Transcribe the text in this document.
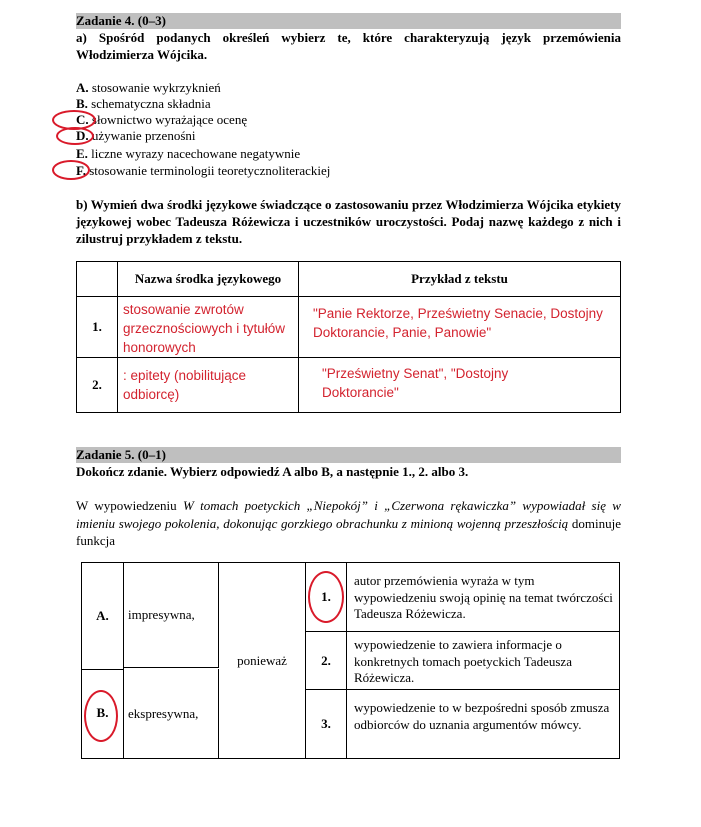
Zadanie 4. (0–3)
a) Spośród podanych określeń wybierz te, które charakteryzują język przemówienia Włodzimierza Wójcika.
A. stosowanie wykrzyknień
B. schematyczna składnia
C. słownictwo wyrażające ocenę
D. używanie przenośni
E. liczne wyrazy nacechowane negatywnie
F. stosowanie terminologii teoretycznoliterackiej
b) Wymień dwa środki językowe świadczące o zastosowaniu przez Włodzimierza Wójcika etykiety językowej wobec Tadeusza Różewicza i uczestników uroczystości. Podaj nazwę każdego z nich i zilustruj przykładem z tekstu.
	Nazwa środka językowego	Przykład z tekstu
1.	stosowanie zwrotów grzecznościowych i tytułów honorowych	"Panie Rektorze, Prześwietny Senacie, Dostojny Doktorancie, Panie, Panowie"

2.	: epitety (nobilitujące odbiorcę)	"Prześwietny Senat", "Dostojny Doktorancie"
Zadanie 5. (0–1)
Dokończ zdanie. Wybierz odpowiedź A albo B, a następnie 1., 2. albo 3.
W wypowiedzeniu W tomach poetyckich „Niepokój” i „Czerwona rękawiczka” wypowiadał się w imieniu swojego pokolenia, dokonując gorzkiego obrachunku z minioną wojenną przeszłością dominuje funkcja
A.
B.
impresywna,
ekspresywna,
ponieważ
1.
2.
3.
autor przemówienia wyraża w tym wypowiedzeniu swoją opinię na temat twórczości Tadeusza Różewicza.
wypowiedzenie to zawiera informacje o konkretnych tomach poetyckich Tadeusza Różewicza.
wypowiedzenie to w bezpośredni sposób zmusza odbiorców do uznania argumentów mówcy.
